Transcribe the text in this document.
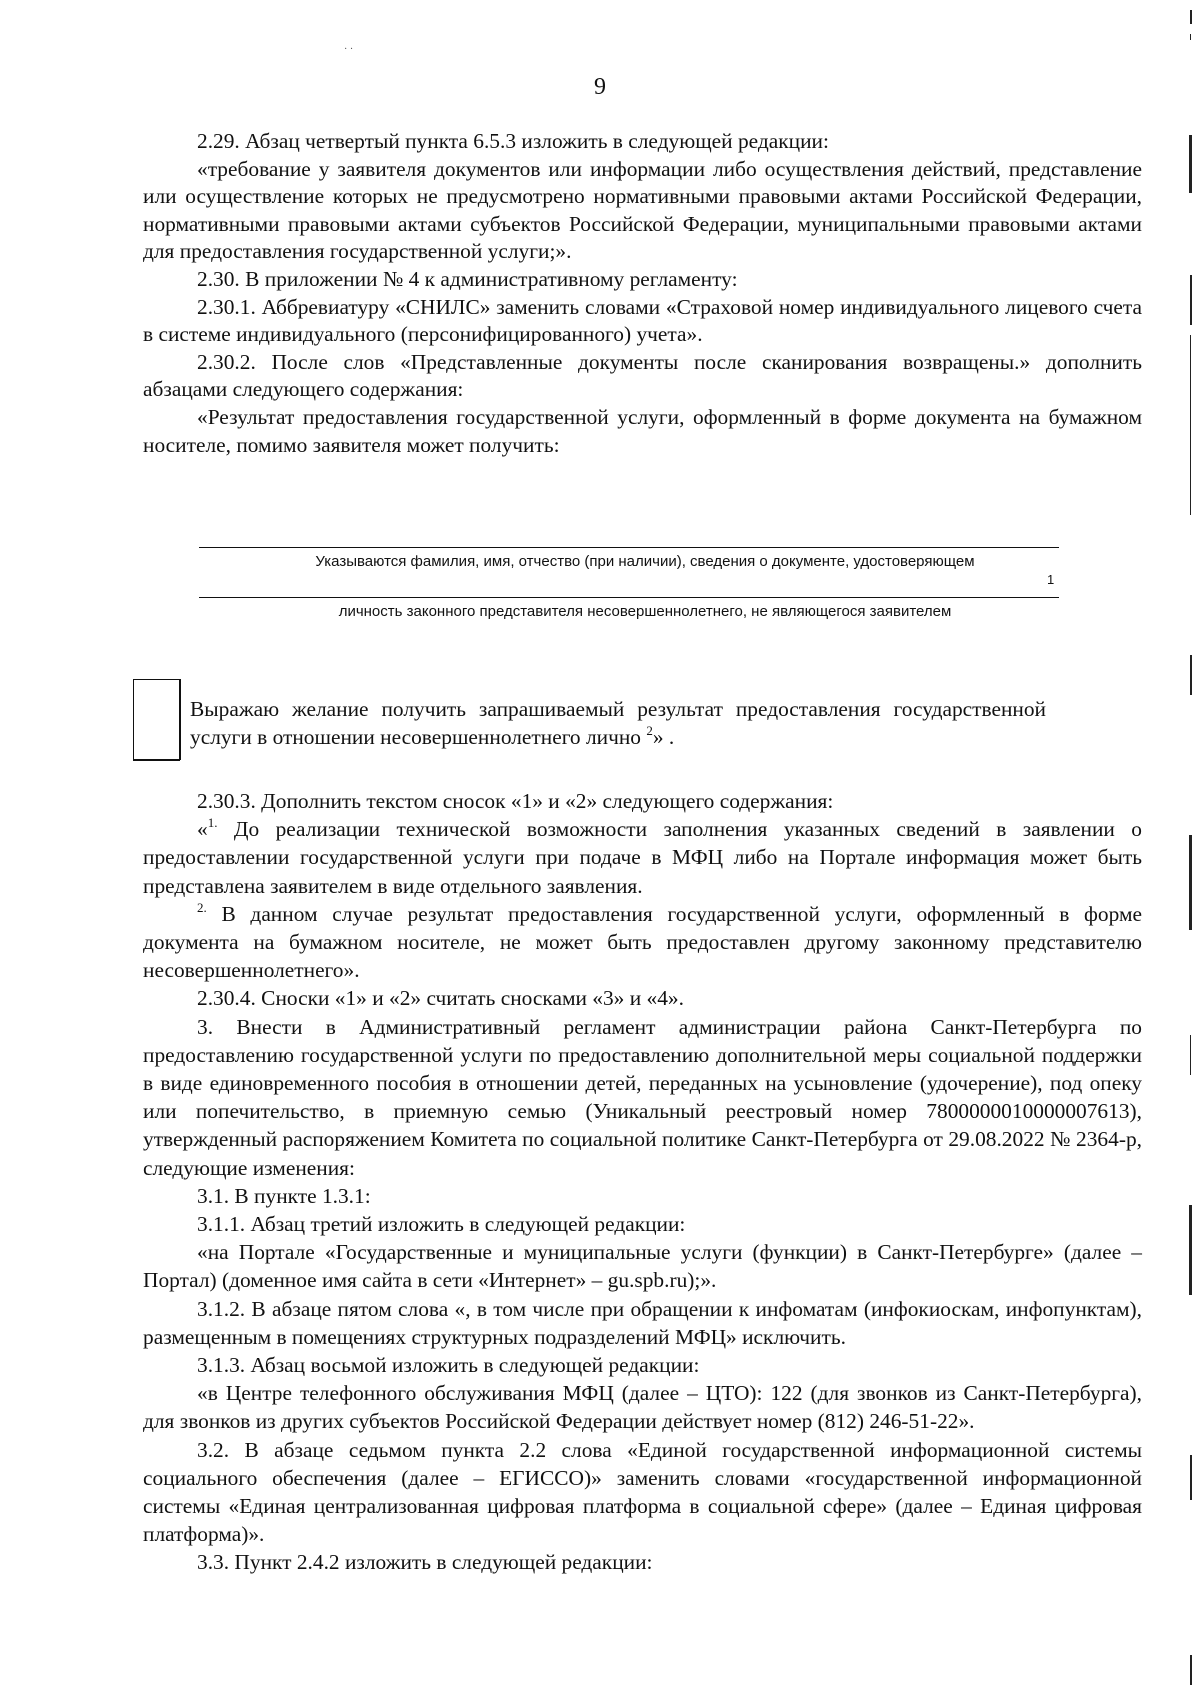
· ·
9

2.29. Абзац четвертый пункта 6.5.3 изложить в следующей редакции:

«требование у заявителя документов или информации либо осуществления действий, представление или осуществление которых не предусмотрено нормативными правовыми актами Российской Федерации, нормативными правовыми актами субъектов Российской Федерации, муниципальными правовыми актами для предоставления государственной услуги;».

2.30. В приложении № 4 к административному регламенту:

2.30.1. Аббревиатуру «СНИЛС» заменить словами «Страховой номер индивидуального лицевого счета в системе индивидуального (персонифицированного) учета».

2.30.2. После слов «Представленные документы после сканирования возвращены.» дополнить абзацами следующего содержания:

«Результат предоставления государственной услуги, оформленный в форме документа на бумажном носителе, помимо заявителя может получить:

Указываются фамилия, имя, отчество (при наличии), сведения о документе, удостоверяющем
1
личность законного представителя несовершеннолетнего, не являющегося заявителем
Выражаю желание получить запрашиваемый результат предоставления государственной услуги в отношении несовершеннолетнего лично $^2$» .

2.30.3. Дополнить текстом сносок «1» и «2» следующего содержания:

«$^{1.}$ До реализации технической возможности заполнения указанных сведений в заявлении о предоставлении государственной услуги при подаче в МФЦ либо на Портале информация может быть представлена заявителем в виде отдельного заявления.

$^{2.}$ В данном случае результат предоставления государственной услуги, оформленный в форме документа на бумажном носителе, не может быть предоставлен другому законному представителю несовершеннолетнего».

2.30.4. Сноски «1» и «2» считать сносками «3» и «4».

3. Внести в Административный регламент администрации района Санкт-Петербурга по предоставлению государственной услуги по предоставлению дополнительной меры социальной поддержки в виде единовременного пособия в отношении детей, переданных на усыновление (удочерение), под опеку или попечительство, в приемную семью (Уникальный реестровый номер 7800000010000007613), утвержденный распоряжением Комитета по социальной политике Санкт-Петербурга от 29.08.2022 № 2364-р, следующие изменения:

3.1. В пункте 1.3.1:

3.1.1. Абзац третий изложить в следующей редакции:

«на Портале «Государственные и муниципальные услуги (функции) в Санкт-Петербурге» (далее – Портал) (доменное имя сайта в сети «Интернет» – gu.spb.ru);».

3.1.2. В абзаце пятом слова «, в том числе при обращении к инфоматам (инфокиоскам, инфопунктам), размещенным в помещениях структурных подразделений МФЦ» исключить.

3.1.3. Абзац восьмой изложить в следующей редакции:

«в Центре телефонного обслуживания МФЦ (далее – ЦТО): 122 (для звонков из Санкт-Петербурга), для звонков из других субъектов Российской Федерации действует номер (812) 246-51-22».

3.2. В абзаце седьмом пункта 2.2 слова «Единой государственной информационной системы социального обеспечения (далее – ЕГИССО)» заменить словами «государственной информационной системы «Единая централизованная цифровая платформа в социальной сфере» (далее – Единая цифровая платформа)».

3.3. Пункт 2.4.2 изложить в следующей редакции:
